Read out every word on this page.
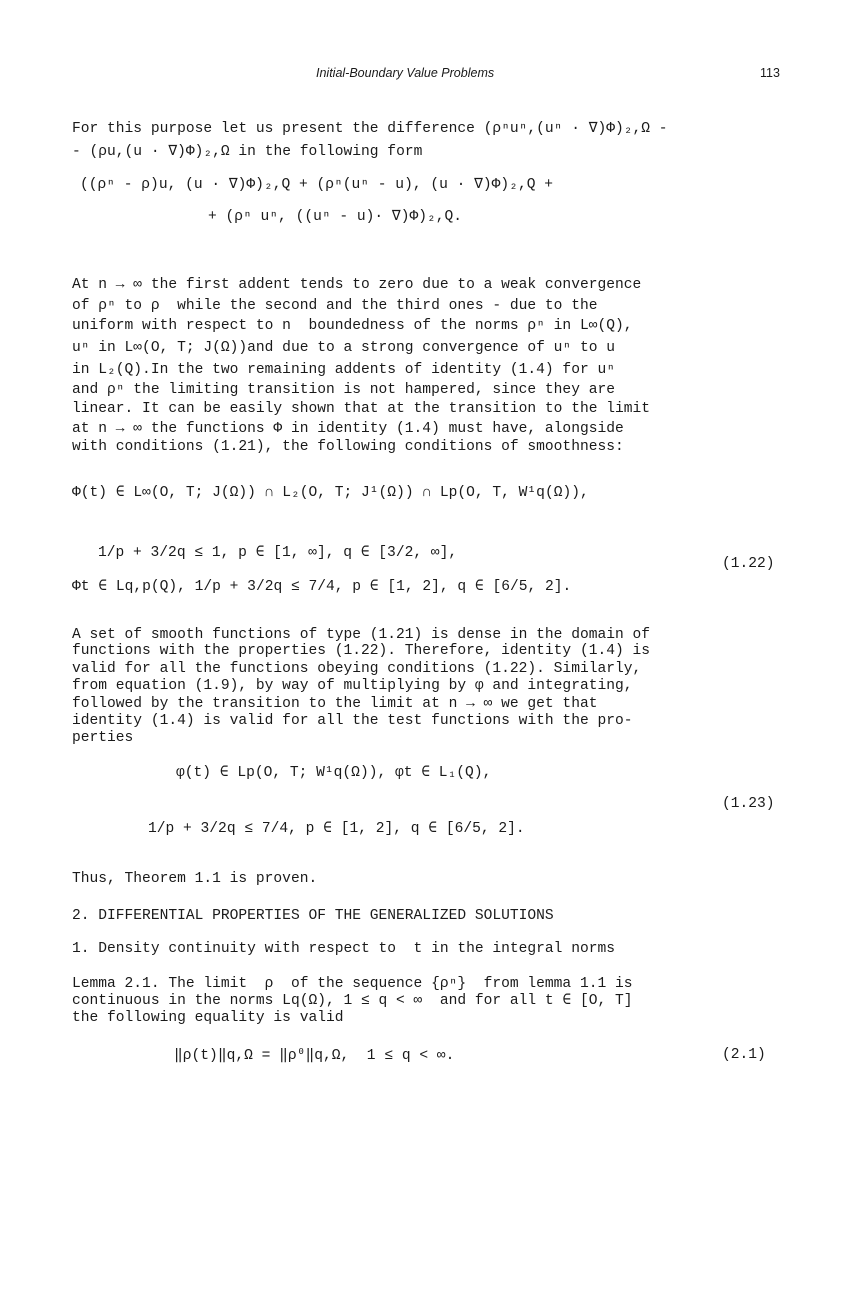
Initial-Boundary Value Problems	113
For this purpose let us present the difference (ρⁿuⁿ,(uⁿ · ∇)Φ)₂,Ω -
- (ρu,(u · ∇)Φ)₂,Ω in the following form
((ρⁿ - ρ)u, (u · ∇)Φ)₂,Q + (ρⁿ(uⁿ - u), (u · ∇)Φ)₂,Q +
+ (ρⁿ uⁿ, ((uⁿ - u)· ∇)Φ)₂,Q.
At n → ∞ the first addent tends to zero due to a weak convergence
of ρⁿ to ρ  while the second and the third ones - due to the
uniform with respect to n  boundedness of the norms ρⁿ in L∞(Q),
uⁿ in L∞(O, T; J(Ω))and due to a strong convergence of uⁿ to u
in L₂(Q).In the two remaining addents of identity (1.4) for uⁿ
and ρⁿ the limiting transition is not hampered, since they are
linear. It can be easily shown that at the transition to the limit
at n → ∞ the functions Φ in identity (1.4) must have, alongside
with conditions (1.21), the following conditions of smoothness:
Φ(t) ∈ L∞(O, T; J(Ω)) ∩ L₂(O, T; J¹(Ω)) ∩ Lp(O, T, W¹q(Ω)),
1/p + 3/2q ≤ 1, p ∈ [1, ∞], q ∈ [3/2, ∞],
(1.22)
Φt ∈ Lq,p(Q), 1/p + 3/2q ≤ 7/4, p ∈ [1, 2], q ∈ [6/5, 2].
A set of smooth functions of type (1.21) is dense in the domain of
functions with the properties (1.22). Therefore, identity (1.4) is
valid for all the functions obeying conditions (1.22). Similarly,
from equation (1.9), by way of multiplying by φ and integrating,
followed by the transition to the limit at n → ∞ we get that
identity (1.4) is valid for all the test functions with the pro-
perties
φ(t) ∈ Lp(O, T; W¹q(Ω)), φt ∈ L₁(Q),
(1.23)
1/p + 3/2q ≤ 7/4, p ∈ [1, 2], q ∈ [6/5, 2].
Thus, Theorem 1.1 is proven.
2. DIFFERENTIAL PROPERTIES OF THE GENERALIZED SOLUTIONS
1. Density continuity with respect to  t in the integral norms
Lemma 2.1. The limit  ρ  of the sequence {ρⁿ}  from lemma 1.1 is
continuous in the norms Lq(Ω), 1 ≤ q < ∞  and for all t ∈ [O, T]
the following equality is valid
‖ρ(t)‖q,Ω = ‖ρ⁰‖q,Ω,  1 ≤ q < ∞.	(2.1)
